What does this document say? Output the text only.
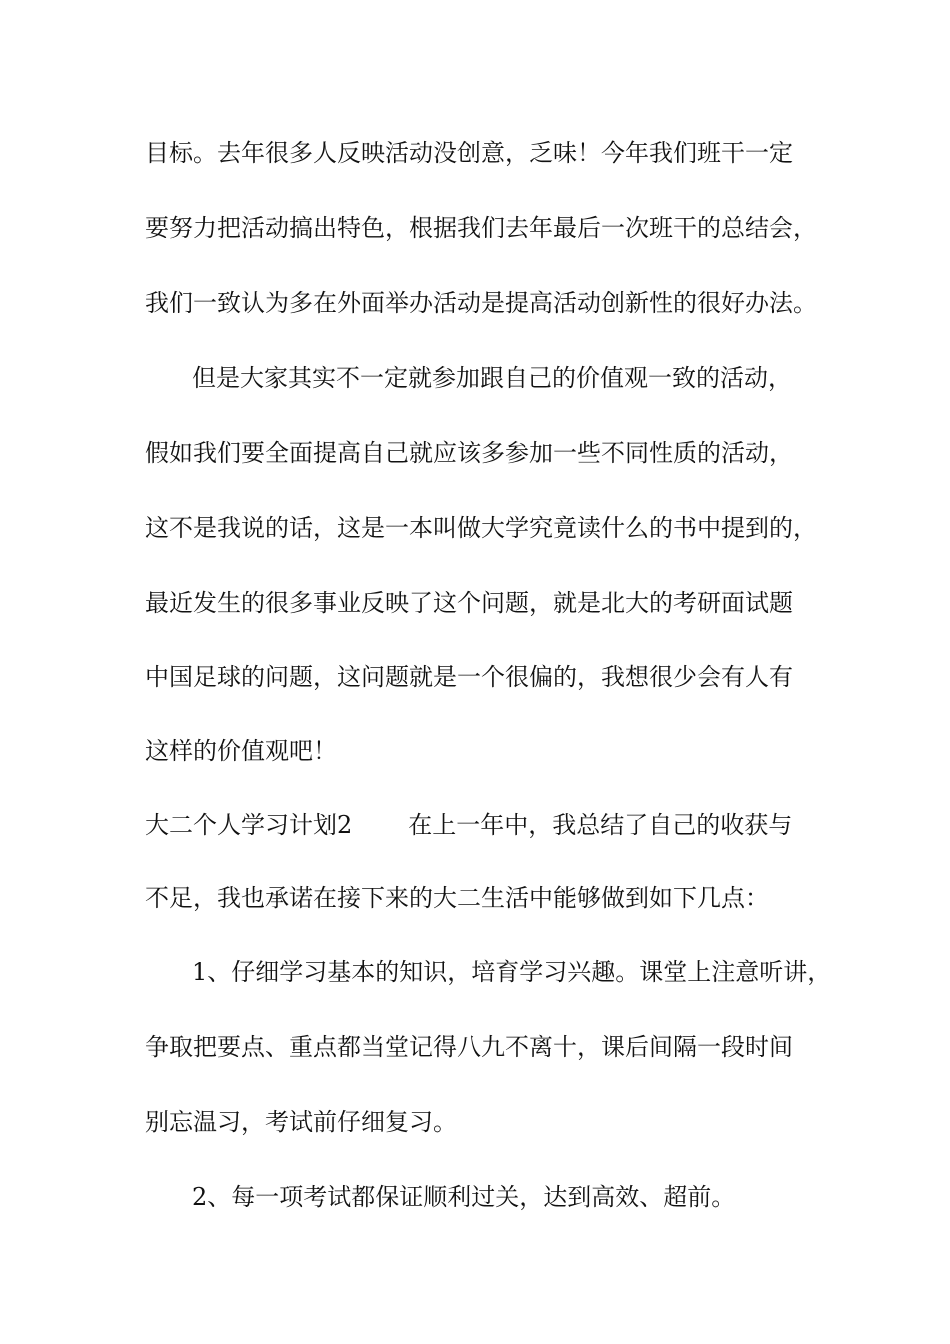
目标。去年很多人反映活动没创意，乏味！今年我们班干一定
要努力把活动搞出特色，根据我们去年最后一次班干的总结会，
我们一致认为多在外面举办活动是提高活动创新性的很好办法。
但是大家其实不一定就参加跟自己的价值观一致的活动，
假如我们要全面提高自己就应该多参加一些不同性质的活动，
这不是我说的话，这是一本叫做大学究竟读什么的书中提到的，
最近发生的很多事业反映了这个问题，就是北大的考研面试题
中国足球的问题，这问题就是一个很偏的，我想很少会有人有
这样的价值观吧！
大二个人学习计划2 在上一年中，我总结了自己的收获与
不足，我也承诺在接下来的大二生活中能够做到如下几点：
1、仔细学习基本的知识，培育学习兴趣。课堂上注意听讲，
争取把要点、重点都当堂记得八九不离十，课后间隔一段时间
别忘温习，考试前仔细复习。
2、每一项考试都保证顺利过关，达到高效、超前。
